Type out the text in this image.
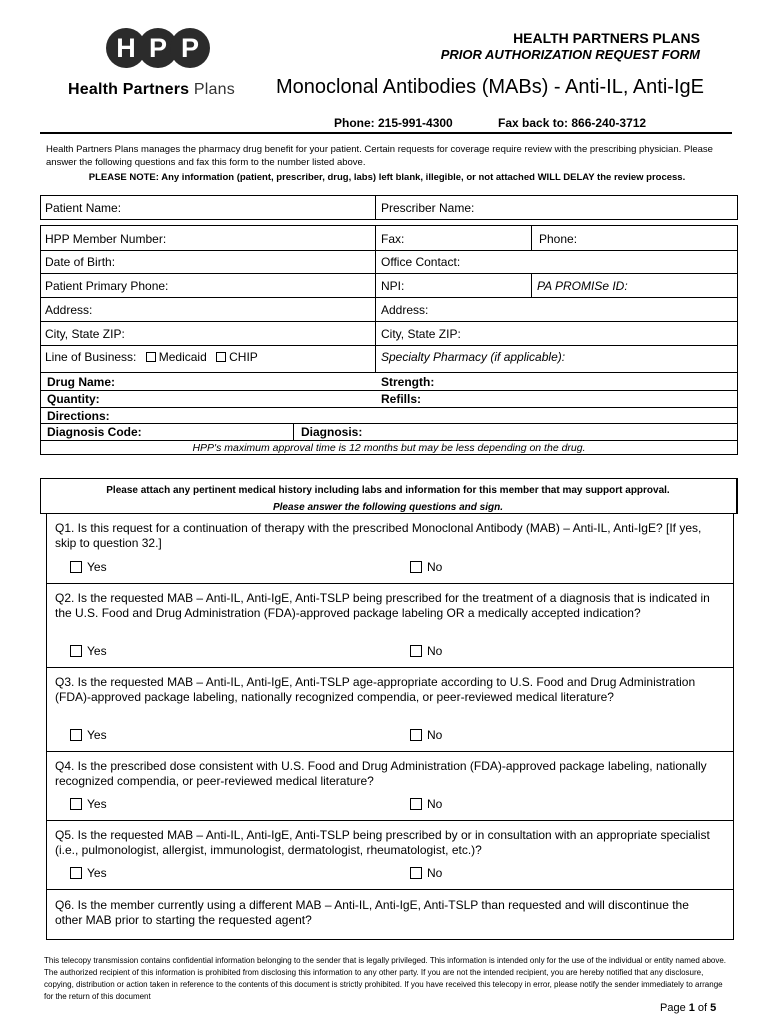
H P P
Health Partners Plans
HEALTH PARTNERS PLANS
PRIOR AUTHORIZATION REQUEST FORM
Monoclonal Antibodies (MABs) - Anti-IL, Anti-IgE
Phone: 215-991-4300	Fax back to: 866-240-3712
Health Partners Plans manages the pharmacy drug benefit for your patient. Certain requests for coverage require review with the prescribing physician. Please answer the following questions and fax this form to the number listed above.
PLEASE NOTE: Any information (patient, prescriber, drug, labs) left blank, illegible, or not attached WILL DELAY the review process.
Patient Name:	Prescriber Name:
HPP Member Number:	Fax:	Phone:
Date of Birth:	Office Contact:
Patient Primary Phone:	NPI:	PA PROMISe ID:
Address:	Address:
City, State ZIP:	City, State ZIP:
Line of Business: Medicaid CHIP	Specialty Pharmacy (if applicable):
Drug Name:	Strength:
Quantity:	Refills:
Directions:
Diagnosis Code:	Diagnosis:
HPP's maximum approval time is 12 months but may be less depending on the drug.
Please attach any pertinent medical history including labs and information for this member that may support approval.
Please answer the following questions and sign.
Q1. Is this request for a continuation of therapy with the prescribed Monoclonal Antibody (MAB) – Anti-IL, Anti-IgE? [If yes, skip to question 32.]
Yes	No
Q2. Is the requested MAB – Anti-IL, Anti-IgE, Anti-TSLP being prescribed for the treatment of a diagnosis that is indicated in the U.S. Food and Drug Administration (FDA)-approved package labeling OR a medically accepted indication?
Yes	No
Q3. Is the requested MAB – Anti-IL, Anti-IgE, Anti-TSLP age-appropriate according to U.S. Food and Drug Administration (FDA)-approved package labeling, nationally recognized compendia, or peer-reviewed medical literature?
Yes	No
Q4. Is the prescribed dose consistent with U.S. Food and Drug Administration (FDA)-approved package labeling, nationally recognized compendia, or peer-reviewed medical literature?
Yes	No
Q5. Is the requested MAB – Anti-IL, Anti-IgE, Anti-TSLP being prescribed by or in consultation with an appropriate specialist (i.e., pulmonologist, allergist, immunologist, dermatologist, rheumatologist, etc.)?
Yes	No
Q6. Is the member currently using a different MAB – Anti-IL, Anti-IgE, Anti-TSLP than requested and will discontinue the other MAB prior to starting the requested agent?
This telecopy transmission contains confidential information belonging to the sender that is legally privileged. This information is intended only for the use of the individual or entity named above. The authorized recipient of this information is prohibited from disclosing this information to any other party. If you are not the intended recipient, you are hereby notified that any disclosure, copying, distribution or action taken in reference to the contents of this document is strictly prohibited. If you have received this telecopy in error, please notify the sender immediately to arrange for the return of this document
Page 1 of 5
